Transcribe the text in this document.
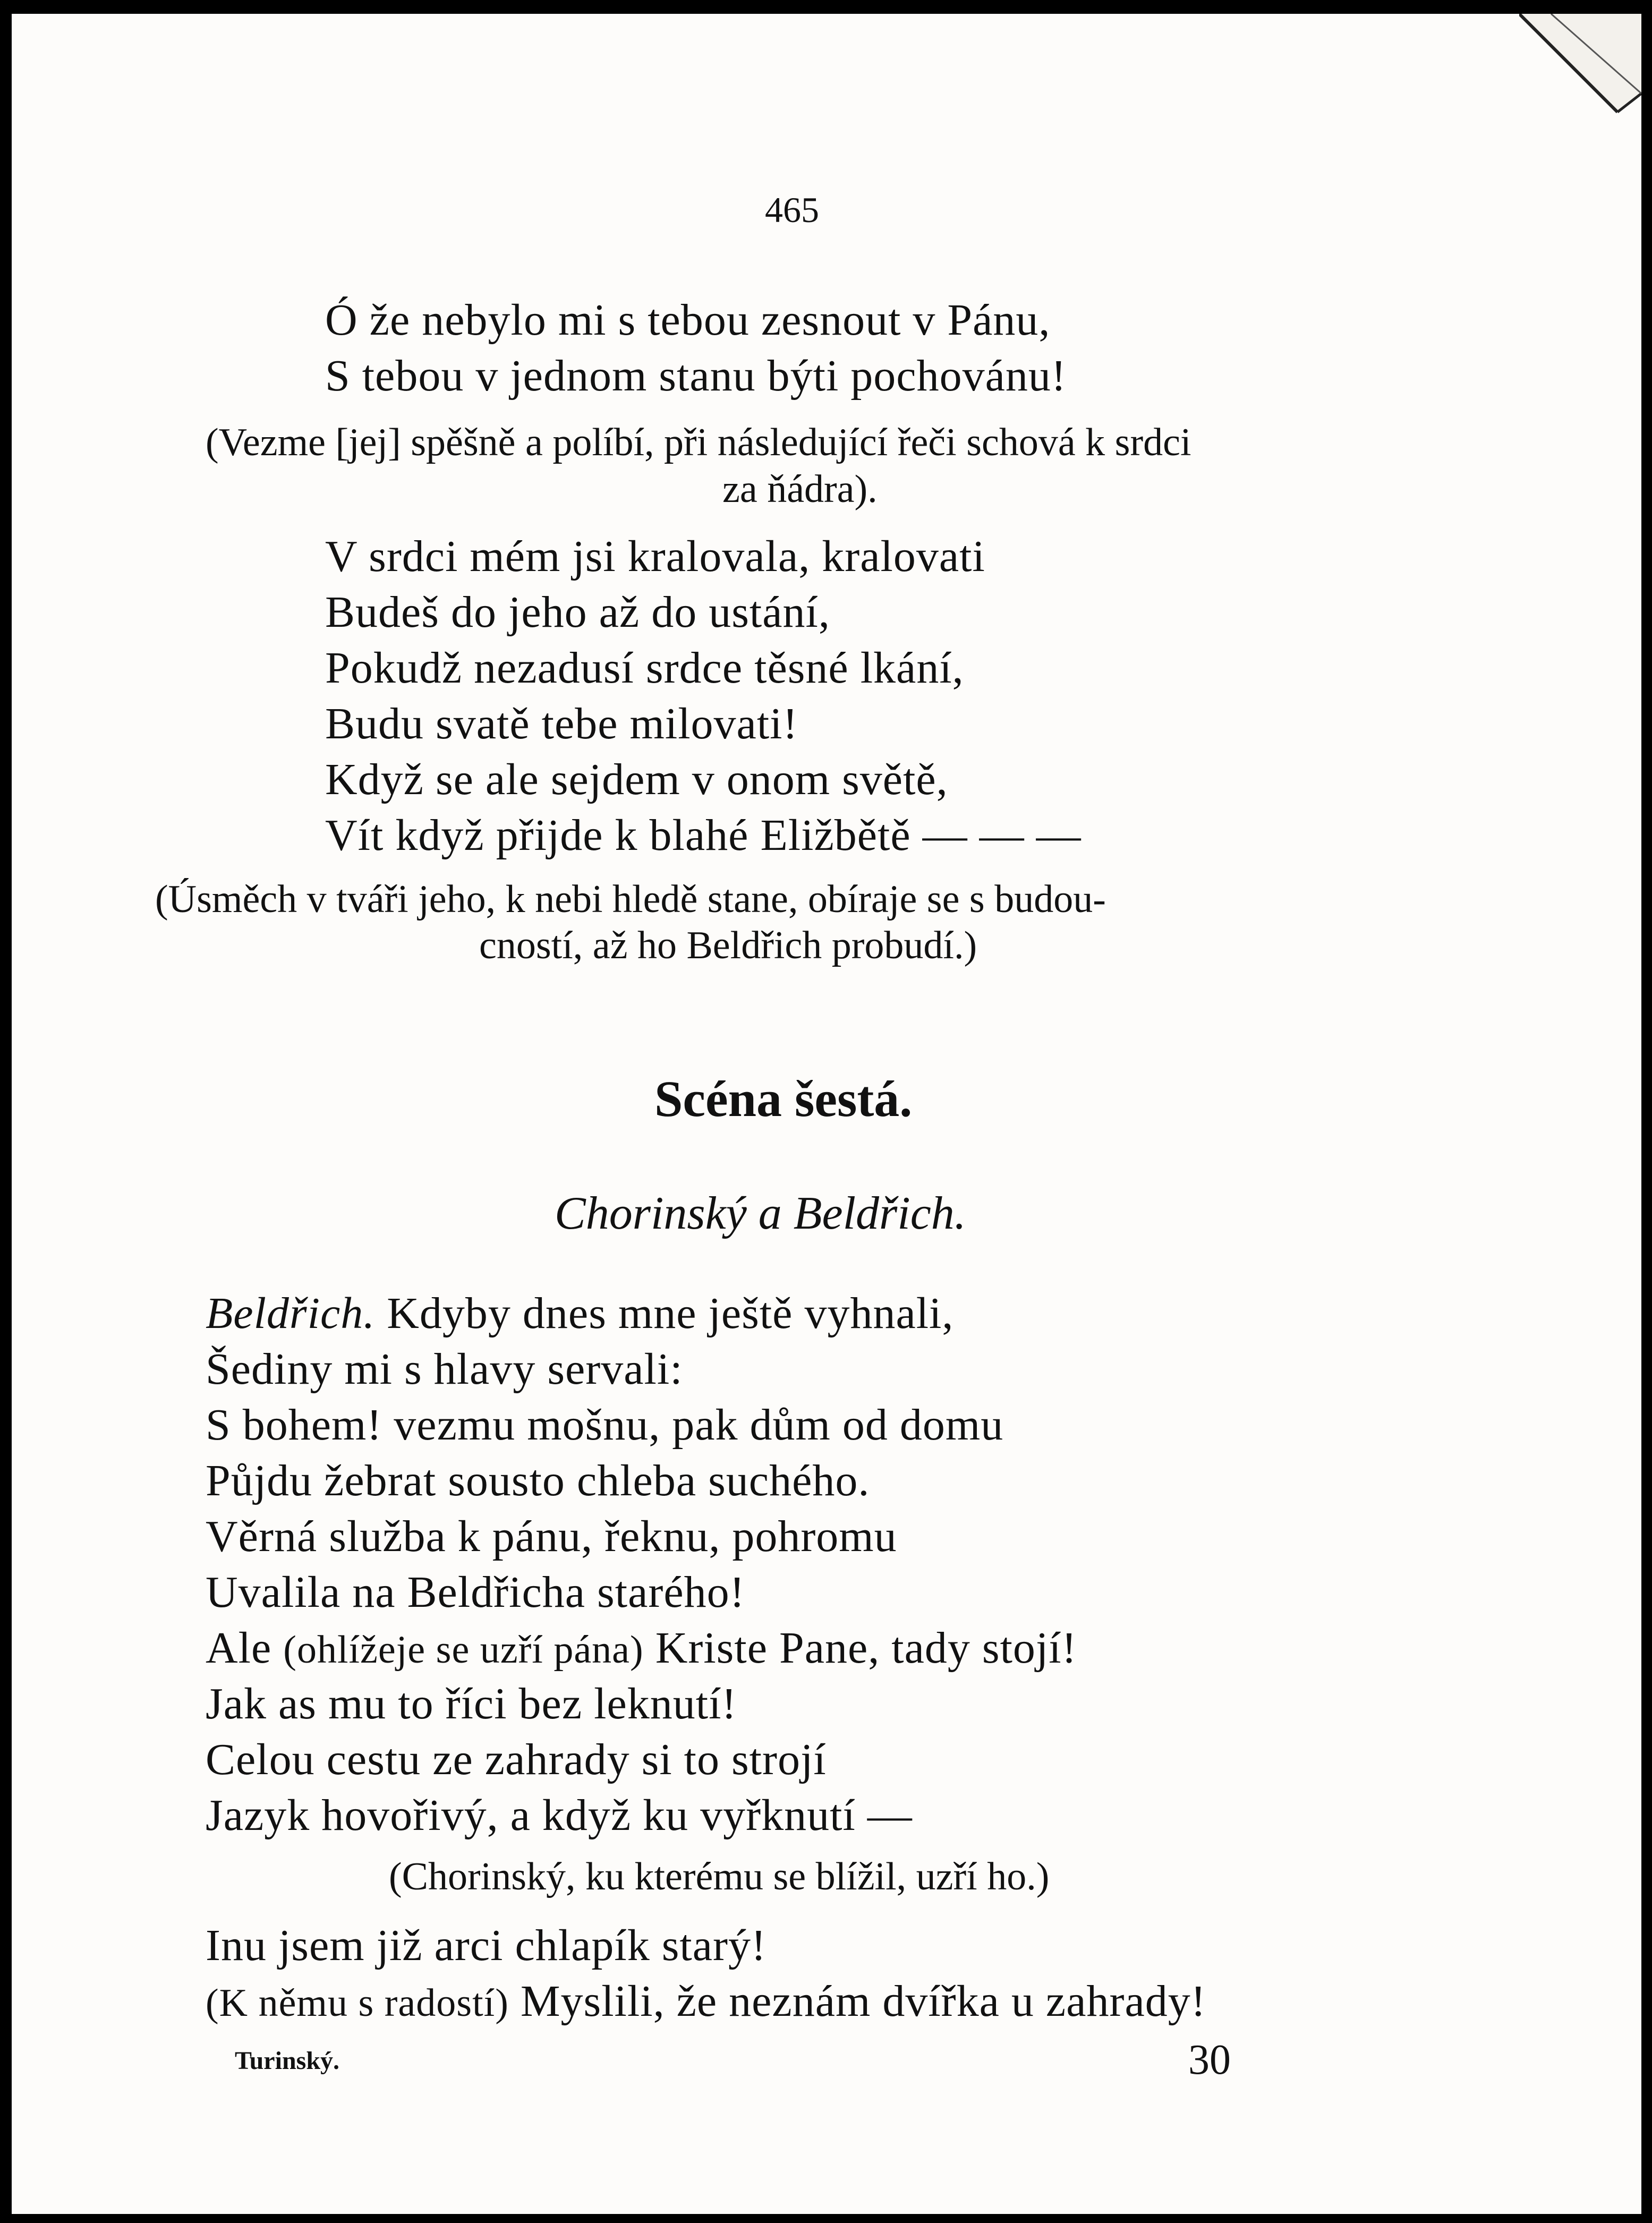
465
Ó že nebylo mi s tebou zesnout v Pánu,
S tebou v jednom stanu býti pochovánu!
(Vezme [jej] spěšně a políbí, při následující řeči schová k srdci
za ňádra).
V srdci mém jsi kralovala, kralovati
Budeš do jeho až do ustání,
Pokudž nezadusí srdce těsné lkání,
Budu svatě tebe milovati!
Když se ale sejdem v onom světě,
Vít když přijde k blahé Eližbětě — — —
(Úsměch v tváři jeho, k nebi hledě stane, obíraje se s budou-
cností, až ho Beldřich probudí.)
Scéna šestá.
Chorinský a Beldřich.
Beldřich. Kdyby dnes mne ještě vyhnali,
Šediny mi s hlavy servali:
S bohem! vezmu mošnu, pak dům od domu
Půjdu žebrat sousto chleba suchého.
Věrná služba k pánu, řeknu, pohromu
Uvalila na Beldřicha starého!
Ale (ohlížeje se uzří pána) Kriste Pane, tady stojí!
Jak as mu to říci bez leknutí!
Celou cestu ze zahrady si to strojí
Jazyk hovořivý, a když ku vyřknutí —
(Chorinský, ku kterému se blížil, uzří ho.)
Inu jsem již arci chlapík starý!
(K němu s radostí) Myslili, že neznám dvířka u zahrady!
Turinský.	30
